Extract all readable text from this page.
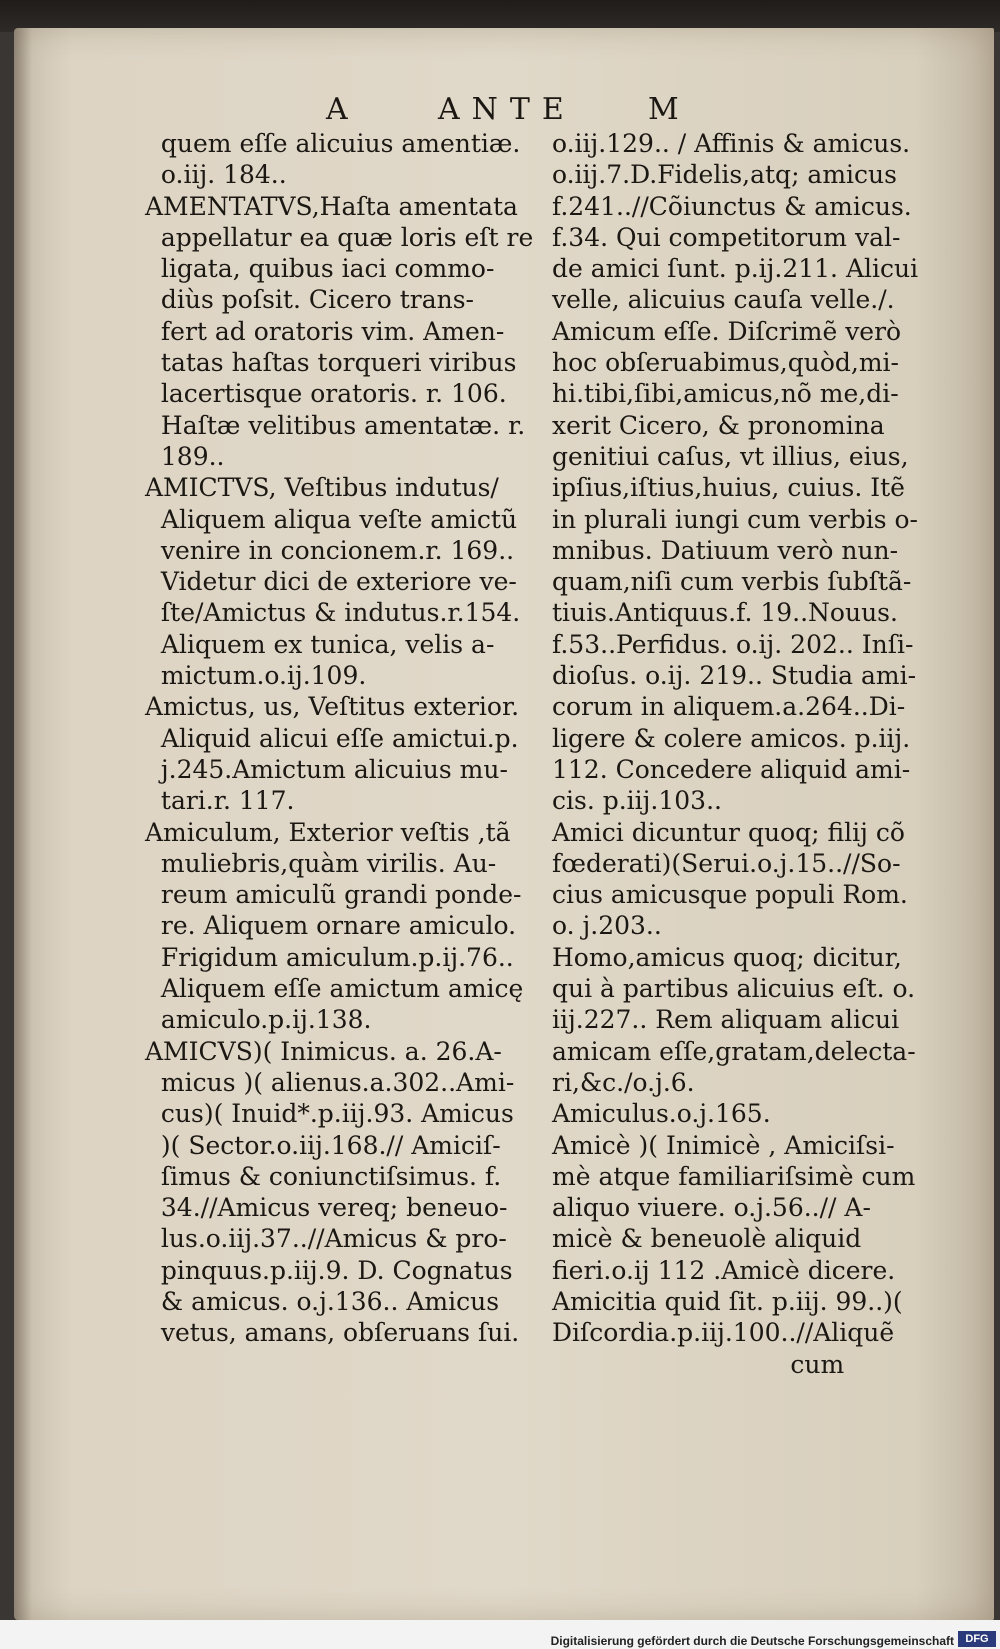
A	ANTE M
quem eſſe alicuius amentiæ.
o.iij. 184..
AMENTATVS,Haſta amentata
appellatur ea quæ loris eſt re
ligata, quibus iaci commo-
diùs poſsit. Cicero trans-
fert ad oratoris vim. Amen-
tatas haſtas torqueri viribus
lacertisque oratoris. r. 106.
Haſtæ velitibus amentatæ. r.
189..
AMICTVS, Veſtibus indutus/
Aliquem aliqua veſte amictũ
venire in concionem.r. 169..
Videtur dici de exteriore ve-
ſte/Amictus & indutus.r.154.
Aliquem ex tunica, velis a-
mictum.o.ij.109.
Amictus, us, Veſtitus exterior.
Aliquid alicui eſſe amictui.p.
j.245.Amictum alicuius mu-
tari.r. 117.
Amiculum, Exterior veſtis ,tã
muliebris,quàm virilis. Au-
reum amiculũ grandi ponde-
re. Aliquem ornare amiculo.
Frigidum amiculum.p.ij.76..
Aliquem eſſe amictum amicę
amiculo.p.ij.138.
AMICVS)( Inimicus. a. 26.A-
micus )( alienus.a.302..Ami-
cus)( Inuid*.p.iij.93. Amicus
)( Sector.o.iij.168.// Amiciſ-
ſimus & coniunctiſsimus. f.
34.//Amicus vereq; beneuo-
lus.o.iij.37..//Amicus & pro-
pinquus.p.iij.9. D. Cognatus
& amicus. o.j.136.. Amicus
vetus, amans, obſeruans ſui.
o.iij.129.. / Affinis & amicus.
o.iij.7.D.Fidelis,atq; amicus
f.241..//Cõiunctus & amicus.
f.34. Qui competitorum val-
de amici ſunt. p.ij.211. Alicui
velle, alicuius cauſa velle./.
Amicum eſſe. Diſcrimẽ verò
hoc obſeruabimus,quòd,mi-
hi.tibi,ſibi,amicus,nõ me,di-
xerit Cicero, & pronomina
genitiui caſus, vt illius, eius,
ipſius,iſtius,huius, cuius. Itẽ
in plurali iungi cum verbis o-
mnibus. Datiuum verò nun-
quam,niſi cum verbis ſubſtã-
tiuis.Antiquus.f. 19..Nouus.
f.53..Perfidus. o.ij. 202.. Inſi-
dioſus. o.ij. 219.. Studia ami-
corum in aliquem.a.264..Di-
ligere & colere amicos. p.iij.
112. Concedere aliquid ami-
cis. p.iij.103..
Amici dicuntur quoq; filij cõ
fœderati)(Serui.o.j.15..//So-
cius amicusque populi Rom.
o. j.203..
Homo,amicus quoq; dicitur,
qui à partibus alicuius eſt. o.
iij.227.. Rem aliquam alicui
amicam eſſe,gratam,delecta-
ri,&c./o.j.6.
Amiculus.o.j.165.
Amicè )( Inimicè , Amiciſsi-
mè atque familiariſsimè cum
aliquo viuere. o.j.56..// A-
micè & beneuolè aliquid
fieri.o.ij 112 .Amicè dicere.
Amicitia quid ſit. p.iij. 99..)(
Diſcordia.p.iij.100..//Aliquẽ
cum
Digitalisierung gefördert durch die Deutsche Forschungsgemeinschaft	DFG
